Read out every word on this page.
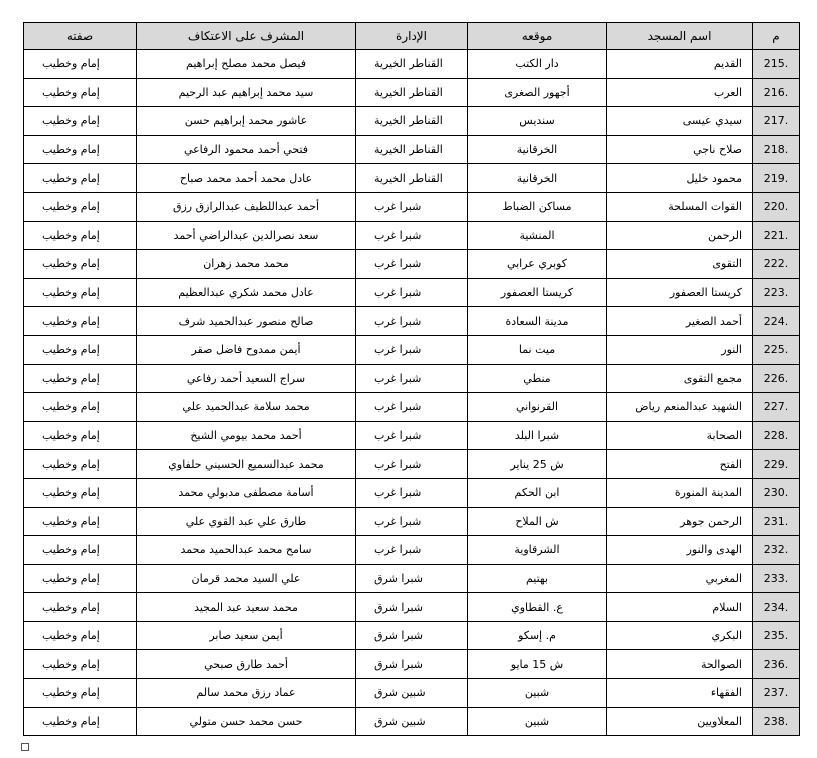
م	اسم المسجد	موقعه	الإدارة	المشرف على الاعتكاف	صفته
215.	القديم	دار الكتب	القناطر الخيرية	فيصل محمد مصلح إبراهيم	إمام وخطيب
216.	العرب	أجهور الصغرى	القناطر الخيرية	سيد محمد إبراهيم عبد الرحيم	إمام وخطيب
217.	سيدي عيسى	سنديس	القناطر الخيرية	عاشور محمد إبراهيم حسن	إمام وخطيب
218.	صلاح ناجي	الخرقانية	القناطر الخيرية	فتحي أحمد محمود الرفاعي	إمام وخطيب
219.	محمود خليل	الخرقانية	القناطر الخيرية	عادل محمد أحمد محمد صباح	إمام وخطيب
220.	القوات المسلحة	مساكن الضباط	شبرا غرب	أحمد عبداللطيف عبدالرازق رزق	إمام وخطيب
221.	الرحمن	المنشية	شبرا غرب	سعد نصرالدين عبدالراضي أحمد	إمام وخطيب
222.	التقوى	كوبري عرابي	شبرا غرب	محمد محمد زهران	إمام وخطيب
223.	كريستا العصفور	كريستا العصفور	شبرا غرب	عادل محمد شكري عبدالعظيم	إمام وخطيب
224.	أحمد الصغير	مدينة السعادة	شبرا غرب	صالح منصور عبدالحميد شرف	إمام وخطيب
225.	النور	ميت نما	شبرا غرب	أيمن ممدوح فاضل صقر	إمام وخطيب
226.	مجمع التقوى	منطي	شبرا غرب	سراج السعيد أحمد رفاعي	إمام وخطيب
227.	الشهيد عبدالمنعم رياض	القرنواني	شبرا غرب	محمد سلامة عبدالحميد علي	إمام وخطيب
228.	الصحابة	شبرا البلد	شبرا غرب	أحمد محمد بيومي الشيخ	إمام وخطيب
229.	الفتح	ش 25 يناير	شبرا غرب	محمد عبدالسميع الحسيني حلفاوي	إمام وخطيب
230.	المدينة المنورة	ابن الحكم	شبرا غرب	أسامة مصطفى مدبولي محمد	إمام وخطيب
231.	الرحمن جوهر	ش الملاح	شبرا غرب	طارق علي عبد القوي علي	إمام وخطيب
232.	الهدى والنور	الشرقاوية	شبرا غرب	سامح محمد عبدالحميد محمد	إمام وخطيب
233.	المغربي	بهتيم	شبرا شرق	علي السيد محمد قرمان	إمام وخطيب
234.	السلام	ع. القطاوي	شبرا شرق	محمد سعيد عبد المجيد	إمام وخطيب
235.	البكري	م. إسكو	شبرا شرق	أيمن سعيد صابر	إمام وخطيب
236.	الصوالحة	ش 15 مايو	شبرا شرق	أحمد طارق صبحي	إمام وخطيب
237.	الفقهاء	شبين	شبين شرق	عماد رزق محمد سالم	إمام وخطيب
238.	المعلاويين	شبين	شبين شرق	حسن محمد حسن متولي	إمام وخطيب
